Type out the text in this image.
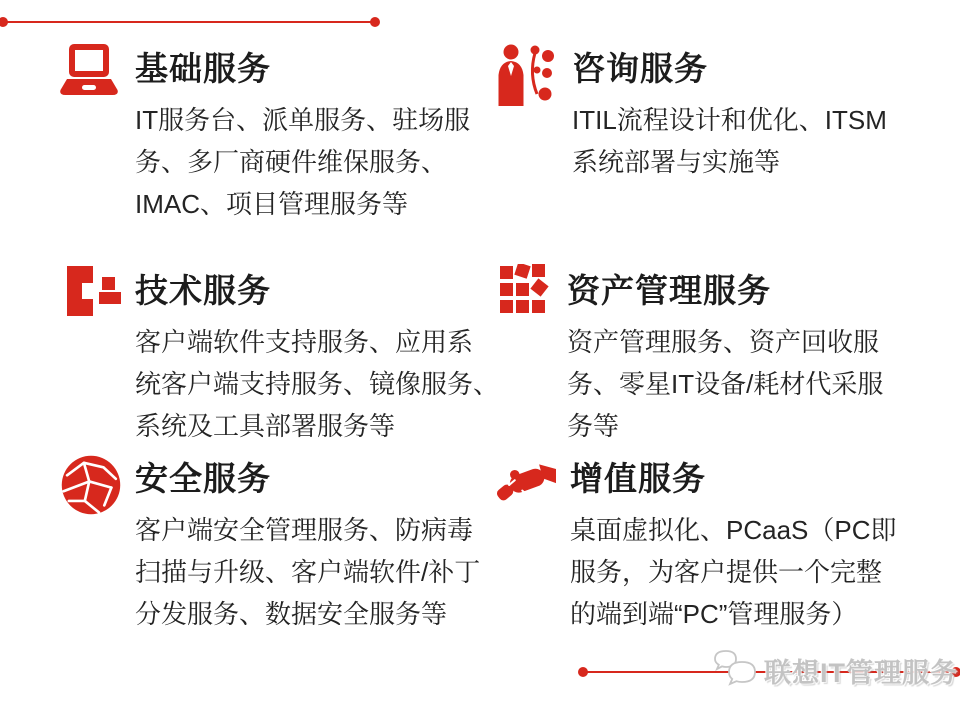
基础服务
IT服务台、派单服务、驻场服
务、多厂商硬件维保服务、
IMAC、项目管理服务等
咨询服务
ITIL流程设计和优化、ITSM
系统部署与实施等
技术服务
客户端软件支持服务、应用系
统客户端支持服务、镜像服务、
系统及工具部署服务等
资产管理服务
资产管理服务、资产回收服
务、零星IT设备/耗材代采服
务等
安全服务
客户端安全管理服务、防病毒
扫描与升级、客户端软件/补丁
分发服务、数据安全服务等
增值服务
桌面虚拟化、PCaaS（PC即
服务，为客户提供一个完整
的端到端“PC”管理服务）
联想IT管理服务
